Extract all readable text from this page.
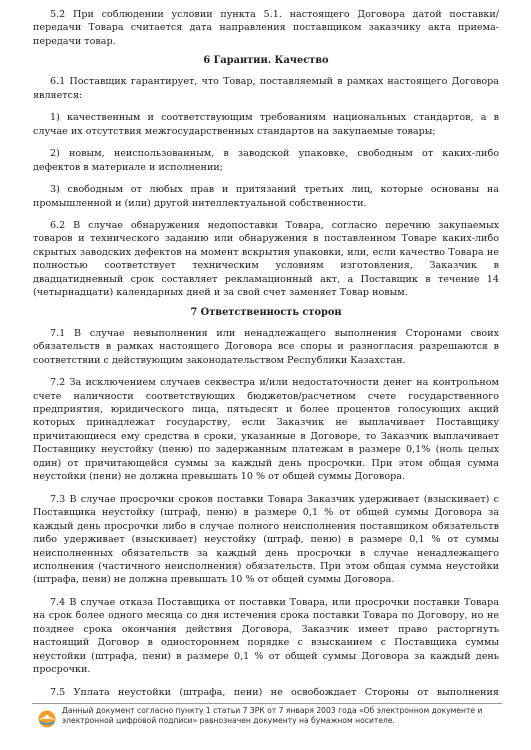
5.2 При соблюдении условии пункта 5.1. настоящего Договора датой поставки/передачи Товара считается дата направления поставщиком заказчику акта приема-передачи товар.

6 Гарантии. Качество

6.1 Поставщик гарантирует, что Товар, поставляемый в рамках настоящего Договора является:

1) качественным и соответствующим требованиям национальных стандартов, а в случае их отсутствия межгосударственных стандартов на закупаемые товары;

2) новым, неиспользованным, в заводской упаковке, свободным от каких-либо дефектов в материале и исполнении;

3) свободным от любых прав и притязаний третьих лиц, которые основаны на промышленной и (или) другой интеллектуальной собственности.

6.2 В случае обнаружения недопоставки Товара, согласно перечню закупаемых товаров и технического заданию или обнаружения в поставленном Товаре каких-либо скрытых заводских дефектов на момент вскрытия упаковки, или, если качество Товара не полностью соответствует техническим условиям изготовления, Заказчик в двадцатидневный срок составляет рекламационный акт, а Поставщик в течение 14 (четырнадцати) календарных дней и за свой счет заменяет Товар новым.

7 Ответственность сторон

7.1 В случае невыполнения или ненадлежащего выполнения Сторонами своих обязательств в рамках настоящего Договора все споры и разногласия разрешаются в соответствии с действующим законодательством Республики Казахстан.

7.2 За исключением случаев секвестра и/или недостаточности денег на контрольном счете наличности соответствующих бюджетов/расчетном счете государственного предприятия, юридического лица, пятьдесят и более процентов голосующих акций которых принадлежат государству, если Заказчик не выплачивает Поставщику причитающиеся ему средства в сроки, указанные в Договоре, то Заказчик выплачивает Поставщику неустойку (пеню) по задержанным платежам в размере 0,1% (ноль целых один) от причитающейся суммы за каждый день просрочки. При этом общая сумма неустойки (пени) не должна превышать 10 % от общей суммы Договора.

7.3 В случае просрочки сроков поставки Товара Заказчик удерживает (взыскивает) с Поставщика неустойку (штраф, пеню) в размере 0,1 % от общей суммы Договора за каждый день просрочки либо в случае полного неисполнения поставщиком обязательств либо удерживает (взыскивает) неустойку (штраф, пеню) в размере 0,1 % от суммы неисполненных обязательств за каждый день просрочки в случае ненадлежащего исполнения (частичного неисполнения) обязательств. При этом общая сумма неустойки (штрафа, пени) не должна превышать 10 % от общей суммы Договора.

7.4 В случае отказа Поставщика от поставки Товара, или просрочки поставки Товара на срок более одного месяца со дня истечения срока поставки Товара по Договору, но не позднее срока окончания действия Договора, Заказчик имеет право расторгнуть настоящий Договор в одностороннем порядке с взысканием с Поставщика суммы неустойки (штрафа, пени) в размере 0,1 % от общей суммы Договора за каждый день просрочки.

7.5 Уплата неустойки (штрафа, пени) не освобождает Стороны от выполнения

Данный документ согласно пункту 1 статьи 7 ЗРК от 7 января 2003 года «Об электронном документе и электронной цифровой подписи» равнозначен документу на бумажном носителе.
